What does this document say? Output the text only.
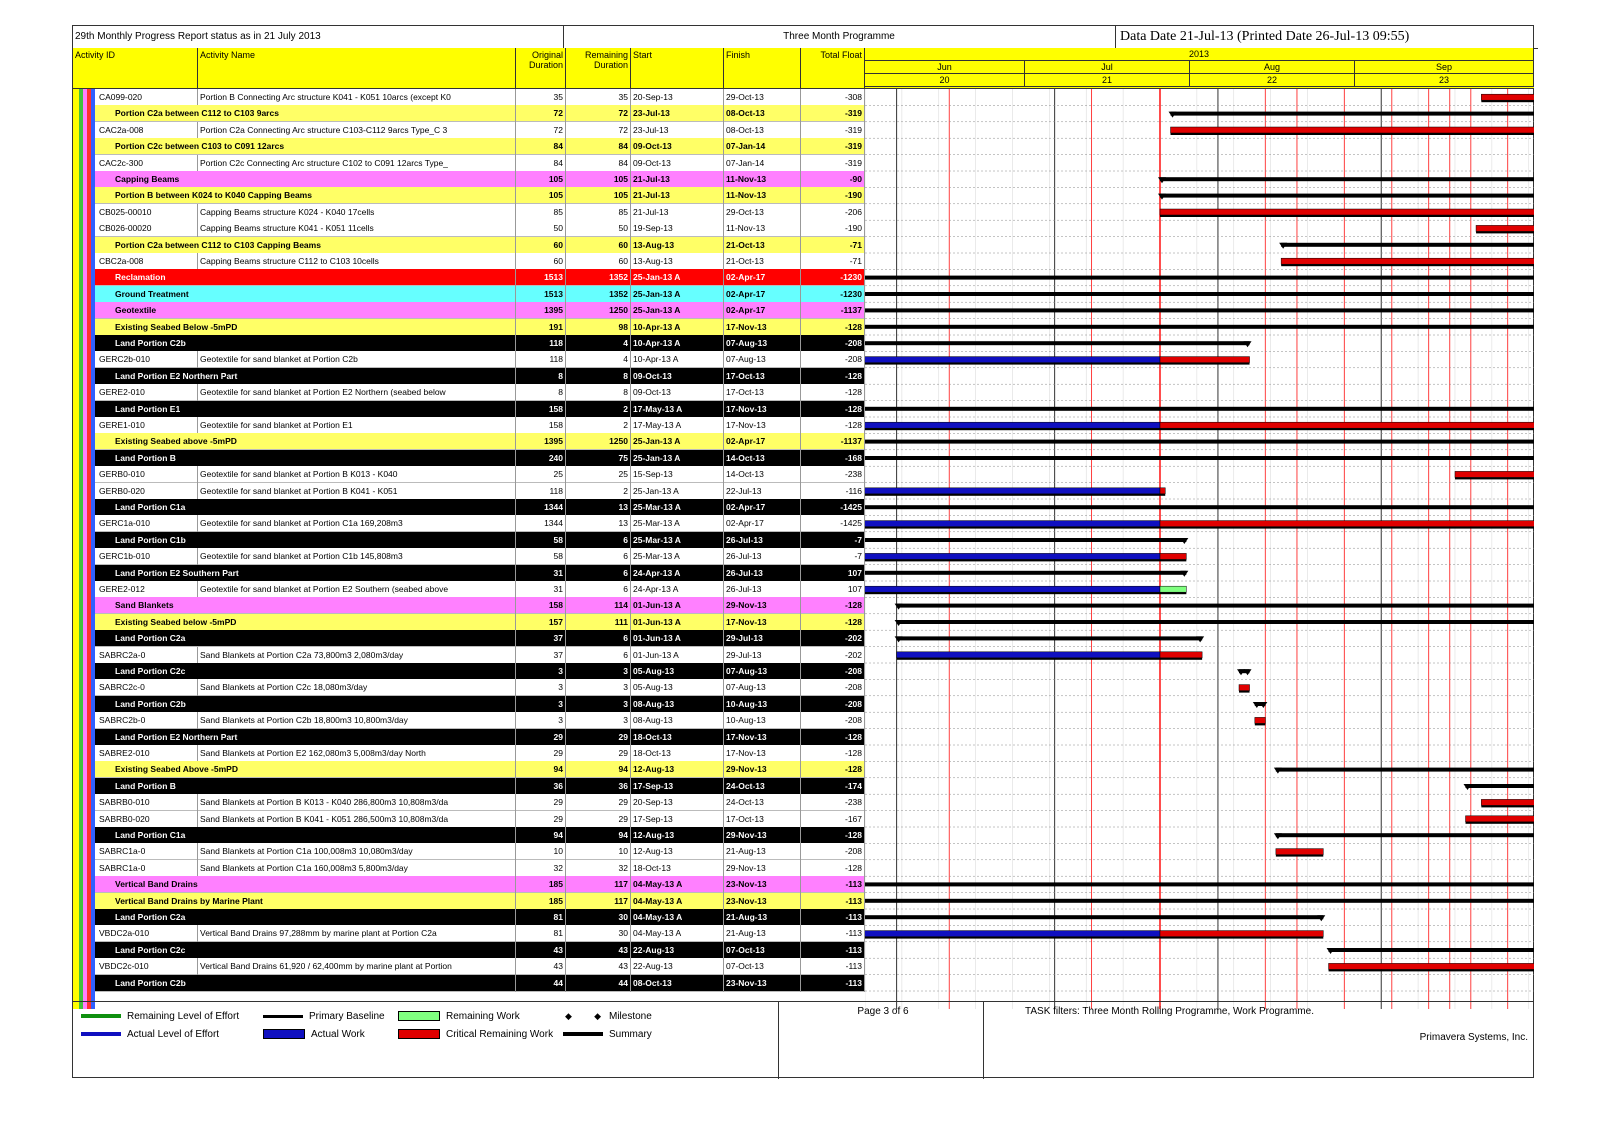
29th Monthly Progress Report status as in 21 July 2013	Three Month Programme	Data Date 21-Jul-13 (Printed Date 26-Jul-13 09:55)
Activity ID	Activity Name	Original Duration
Remaining Duration
Start	Finish	Total Float	2013
Jun	Jul	Aug	Sep
20	21	22	23
CA099-020	Portion B Connecting Arc structure K041 - K051 10arcs (except K0	35	35 20-Sep-13	29-Oct-13	-308
Portion C2a between C112 to C103 9arcs	72	72 23-Jul-13	08-Oct-13	-319
CAC2a-008	Portion C2a Connecting Arc structure C103-C112 9arcs Type_C 3	72	72 23-Jul-13	08-Oct-13	-319
Portion C2c between C103 to C091 12arcs	84	84 09-Oct-13	07-Jan-14	-319
CAC2c-300	Portion C2c Connecting Arc structure C102 to C091 12arcs Type_	84	84 09-Oct-13	07-Jan-14	-319
Capping Beams	105	105 21-Jul-13	11-Nov-13	-90
Portion B between K024 to K040 Capping Beams	105	105 21-Jul-13	11-Nov-13	-190
CB025-00010	Capping Beams structure K024 - K040 17cells	85	85 21-Jul-13	29-Oct-13	-206
CB026-00020	Capping Beams structure K041 - K051 11cells	50	50 19-Sep-13	11-Nov-13	-190
Portion C2a between C112 to C103 Capping Beams	60	60 13-Aug-13	21-Oct-13	-71
CBC2a-008	Capping Beams structure C112 to C103 10cells	60	60 13-Aug-13	21-Oct-13	-71
Reclamation	1513	1352 25-Jan-13 A	02-Apr-17	-1230
Ground Treatment	1513	1352 25-Jan-13 A	02-Apr-17	-1230
Geotextile	1395	1250 25-Jan-13 A	02-Apr-17	-1137
Existing Seabed Below -5mPD	191	98 10-Apr-13 A	17-Nov-13	-128
Land Portion C2b	118	4 10-Apr-13 A	07-Aug-13	-208
GERC2b-010	Geotextile for sand blanket at Portion C2b	118	4 10-Apr-13 A	07-Aug-13	-208
Land Portion E2 Northern Part	8	8 09-Oct-13	17-Oct-13	-128
GERE2-010	Geotextile for sand blanket at Portion E2 Northern (seabed below	8	8 09-Oct-13	17-Oct-13	-128
Land Portion E1	158	2 17-May-13 A	17-Nov-13	-128
GERE1-010	Geotextile for sand blanket at Portion E1	158	2 17-May-13 A	17-Nov-13	-128
Existing Seabed above -5mPD	1395	1250 25-Jan-13 A	02-Apr-17	-1137
Land Portion B	240	75 25-Jan-13 A	14-Oct-13	-168
GERB0-010	Geotextile for sand blanket at Portion B K013 - K040	25	25 15-Sep-13	14-Oct-13	-238
GERB0-020	Geotextile for sand blanket at Portion B K041 - K051	118	2 25-Jan-13 A	22-Jul-13	-116
Land Portion C1a	1344	13 25-Mar-13 A	02-Apr-17	-1425
GERC1a-010	Geotextile for sand blanket at Portion C1a 169,208m3	1344	13 25-Mar-13 A	02-Apr-17	-1425
Land Portion C1b	58	6 25-Mar-13 A	26-Jul-13	-7
GERC1b-010	Geotextile for sand blanket at Portion C1b 145,808m3	58	6 25-Mar-13 A	26-Jul-13	-7
Land Portion E2 Southern Part	31	6 24-Apr-13 A	26-Jul-13	107
GERE2-012	Geotextile for sand blanket at Portion E2 Southern (seabed above	31	6 24-Apr-13 A	26-Jul-13	107
Sand Blankets	158	114 01-Jun-13 A	29-Nov-13	-128
Existing Seabed below -5mPD	157	111 01-Jun-13 A	17-Nov-13	-128
Land Portion C2a	37	6 01-Jun-13 A	29-Jul-13	-202
SABRC2a-0	Sand Blankets at Portion C2a 73,800m3 2,080m3/day	37	6 01-Jun-13 A	29-Jul-13	-202
Land Portion C2c	3	3 05-Aug-13	07-Aug-13	-208
SABRC2c-0	Sand Blankets at Portion C2c 18,080m3/day	3	3 05-Aug-13	07-Aug-13	-208
Land Portion C2b	3	3 08-Aug-13	10-Aug-13	-208
SABRC2b-0	Sand Blankets at Portion C2b 18,800m3 10,800m3/day	3	3 08-Aug-13	10-Aug-13	-208
Land Portion E2 Northern Part	29	29 18-Oct-13	17-Nov-13	-128
SABRE2-010	Sand Blankets at Portion E2 162,080m3 5,008m3/day North	29	29 18-Oct-13	17-Nov-13	-128
Existing Seabed Above -5mPD	94	94 12-Aug-13	29-Nov-13	-128
Land Portion B	36	36 17-Sep-13	24-Oct-13	-174
SABRB0-010	Sand Blankets at Portion B K013 - K040 286,800m3 10,808m3/da	29	29 20-Sep-13	24-Oct-13	-238
SABRB0-020	Sand Blankets at Portion B K041 - K051 286,500m3 10,808m3/da	29	29 17-Sep-13	17-Oct-13	-167
Land Portion C1a	94	94 12-Aug-13	29-Nov-13	-128
SABRC1a-0	Sand Blankets at Portion C1a 100,008m3 10,080m3/day	10	10 12-Aug-13	21-Aug-13	-208
SABRC1a-0	Sand Blankets at Portion C1a 160,008m3 5,800m3/day	32	32 18-Oct-13	29-Nov-13	-128
Vertical Band Drains	185	117 04-May-13 A	23-Nov-13	-113
Vertical Band Drains by Marine Plant	185	117 04-May-13 A	23-Nov-13	-113
Land Portion C2a	81	30 04-May-13 A	21-Aug-13	-113
VBDC2a-010	Vertical Band Drains 97,288mm by marine plant at Portion C2a	81	30 04-May-13 A	21-Aug-13	-113
Land Portion C2c	43	43 22-Aug-13	07-Oct-13	-113
VBDC2c-010	Vertical Band Drains 61,920 / 62,400mm by marine plant at Portion	43	43 22-Aug-13	07-Oct-13	-113
Land Portion C2b	44	44 08-Oct-13	23-Nov-13	-113
Remaining Level of Effort
Actual Level of Effort
Primary Baseline
Actual Work
Remaining Work
Critical Remaining Work
◆ ◆ Milestone
Summary
Page 3 of 6	TASK filters: Three Month Rolling Programme, Work Programme.
Primavera Systems, Inc.
